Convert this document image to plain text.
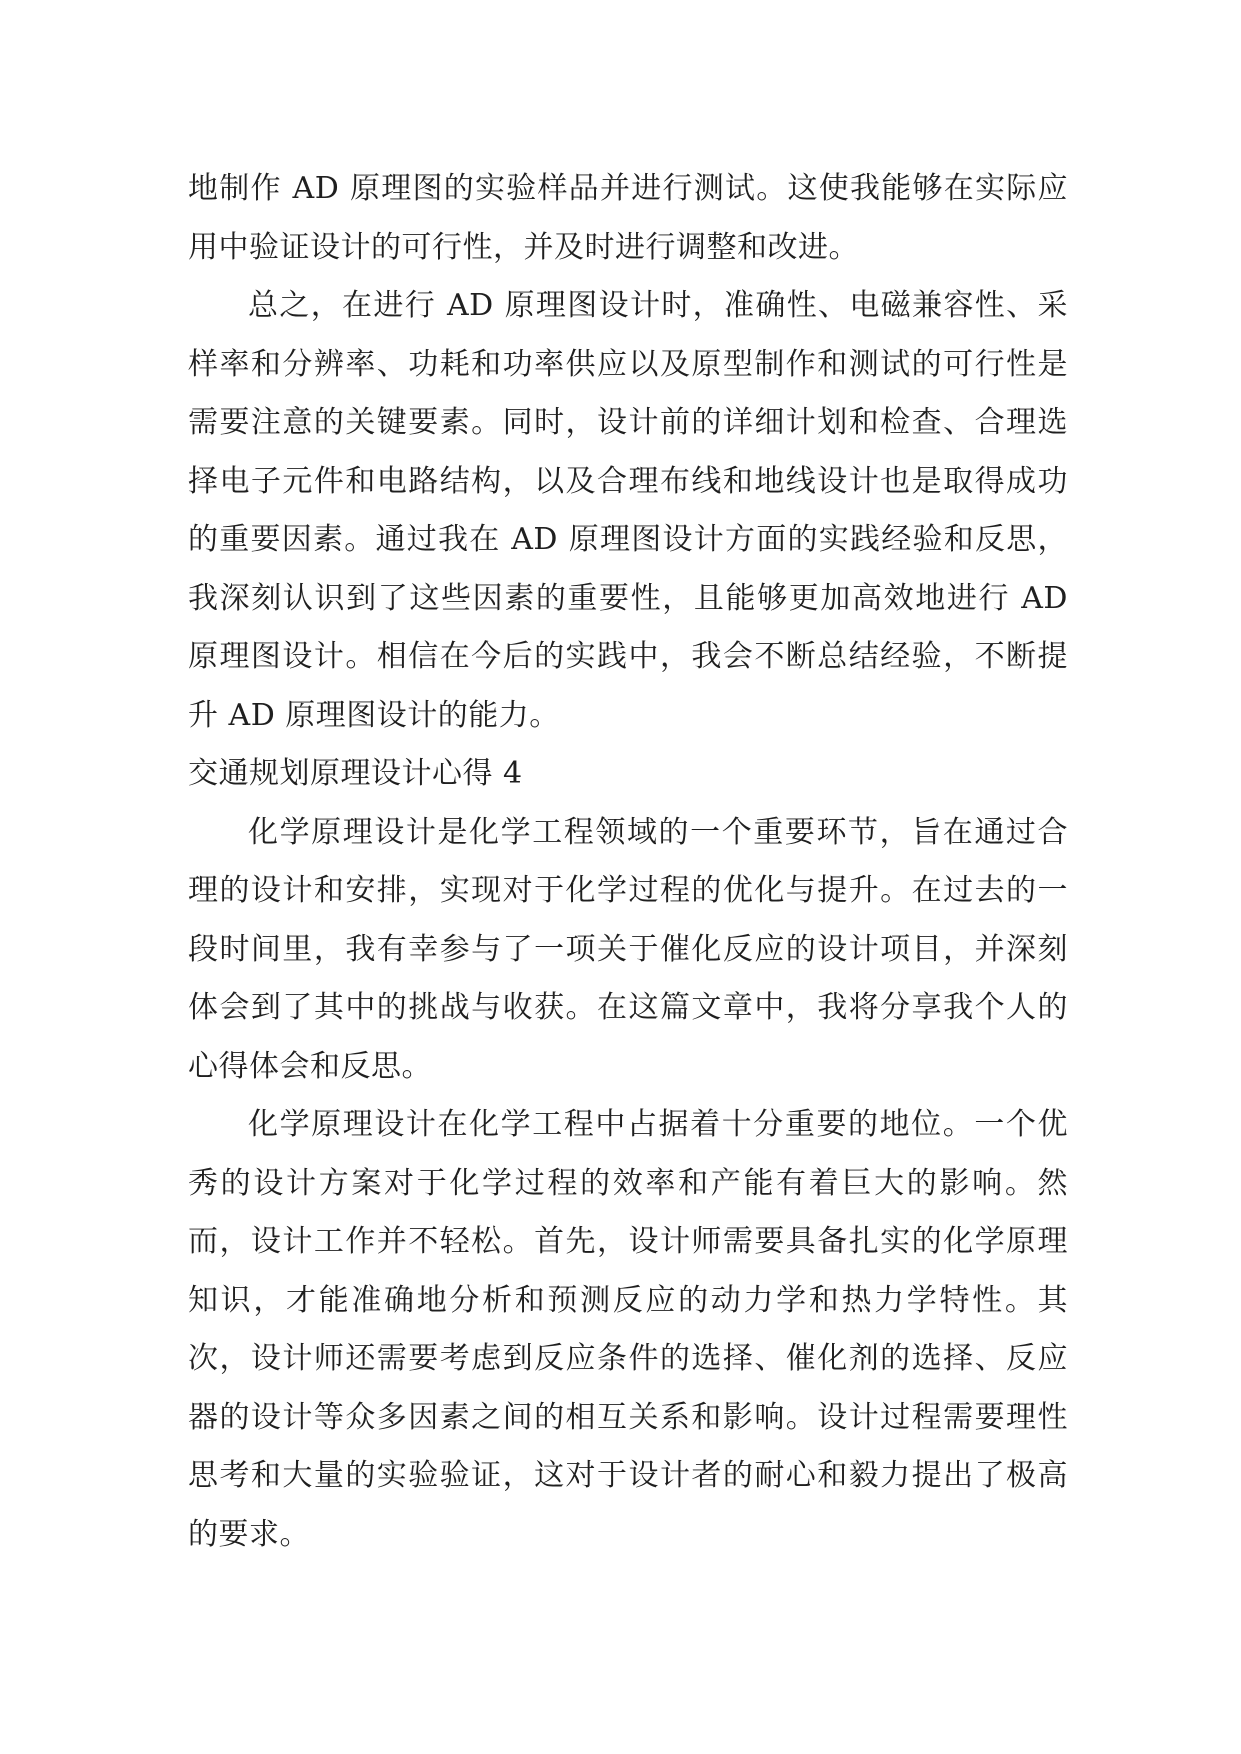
地制作 AD 原理图的实验样品并进行测试。这使我能够在实际应用中验证设计的可行性，并及时进行调整和改进。

总之，在进行 AD 原理图设计时，准确性、电磁兼容性、采样率和分辨率、功耗和功率供应以及原型制作和测试的可行性是需要注意的关键要素。同时，设计前的详细计划和检查、合理选择电子元件和电路结构，以及合理布线和地线设计也是取得成功的重要因素。通过我在 AD 原理图设计方面的实践经验和反思，我深刻认识到了这些因素的重要性，且能够更加高效地进行 AD 原理图设计。相信在今后的实践中，我会不断总结经验，不断提升 AD 原理图设计的能力。

交通规划原理设计心得 4

化学原理设计是化学工程领域的一个重要环节，旨在通过合理的设计和安排，实现对于化学过程的优化与提升。在过去的一段时间里，我有幸参与了一项关于催化反应的设计项目，并深刻体会到了其中的挑战与收获。在这篇文章中，我将分享我个人的心得体会和反思。

化学原理设计在化学工程中占据着十分重要的地位。一个优秀的设计方案对于化学过程的效率和产能有着巨大的影响。然而，设计工作并不轻松。首先，设计师需要具备扎实的化学原理知识，才能准确地分析和预测反应的动力学和热力学特性。其次，设计师还需要考虑到反应条件的选择、催化剂的选择、反应器的设计等众多因素之间的相互关系和影响。设计过程需要理性思考和大量的实验验证，这对于设计者的耐心和毅力提出了极高的要求。
